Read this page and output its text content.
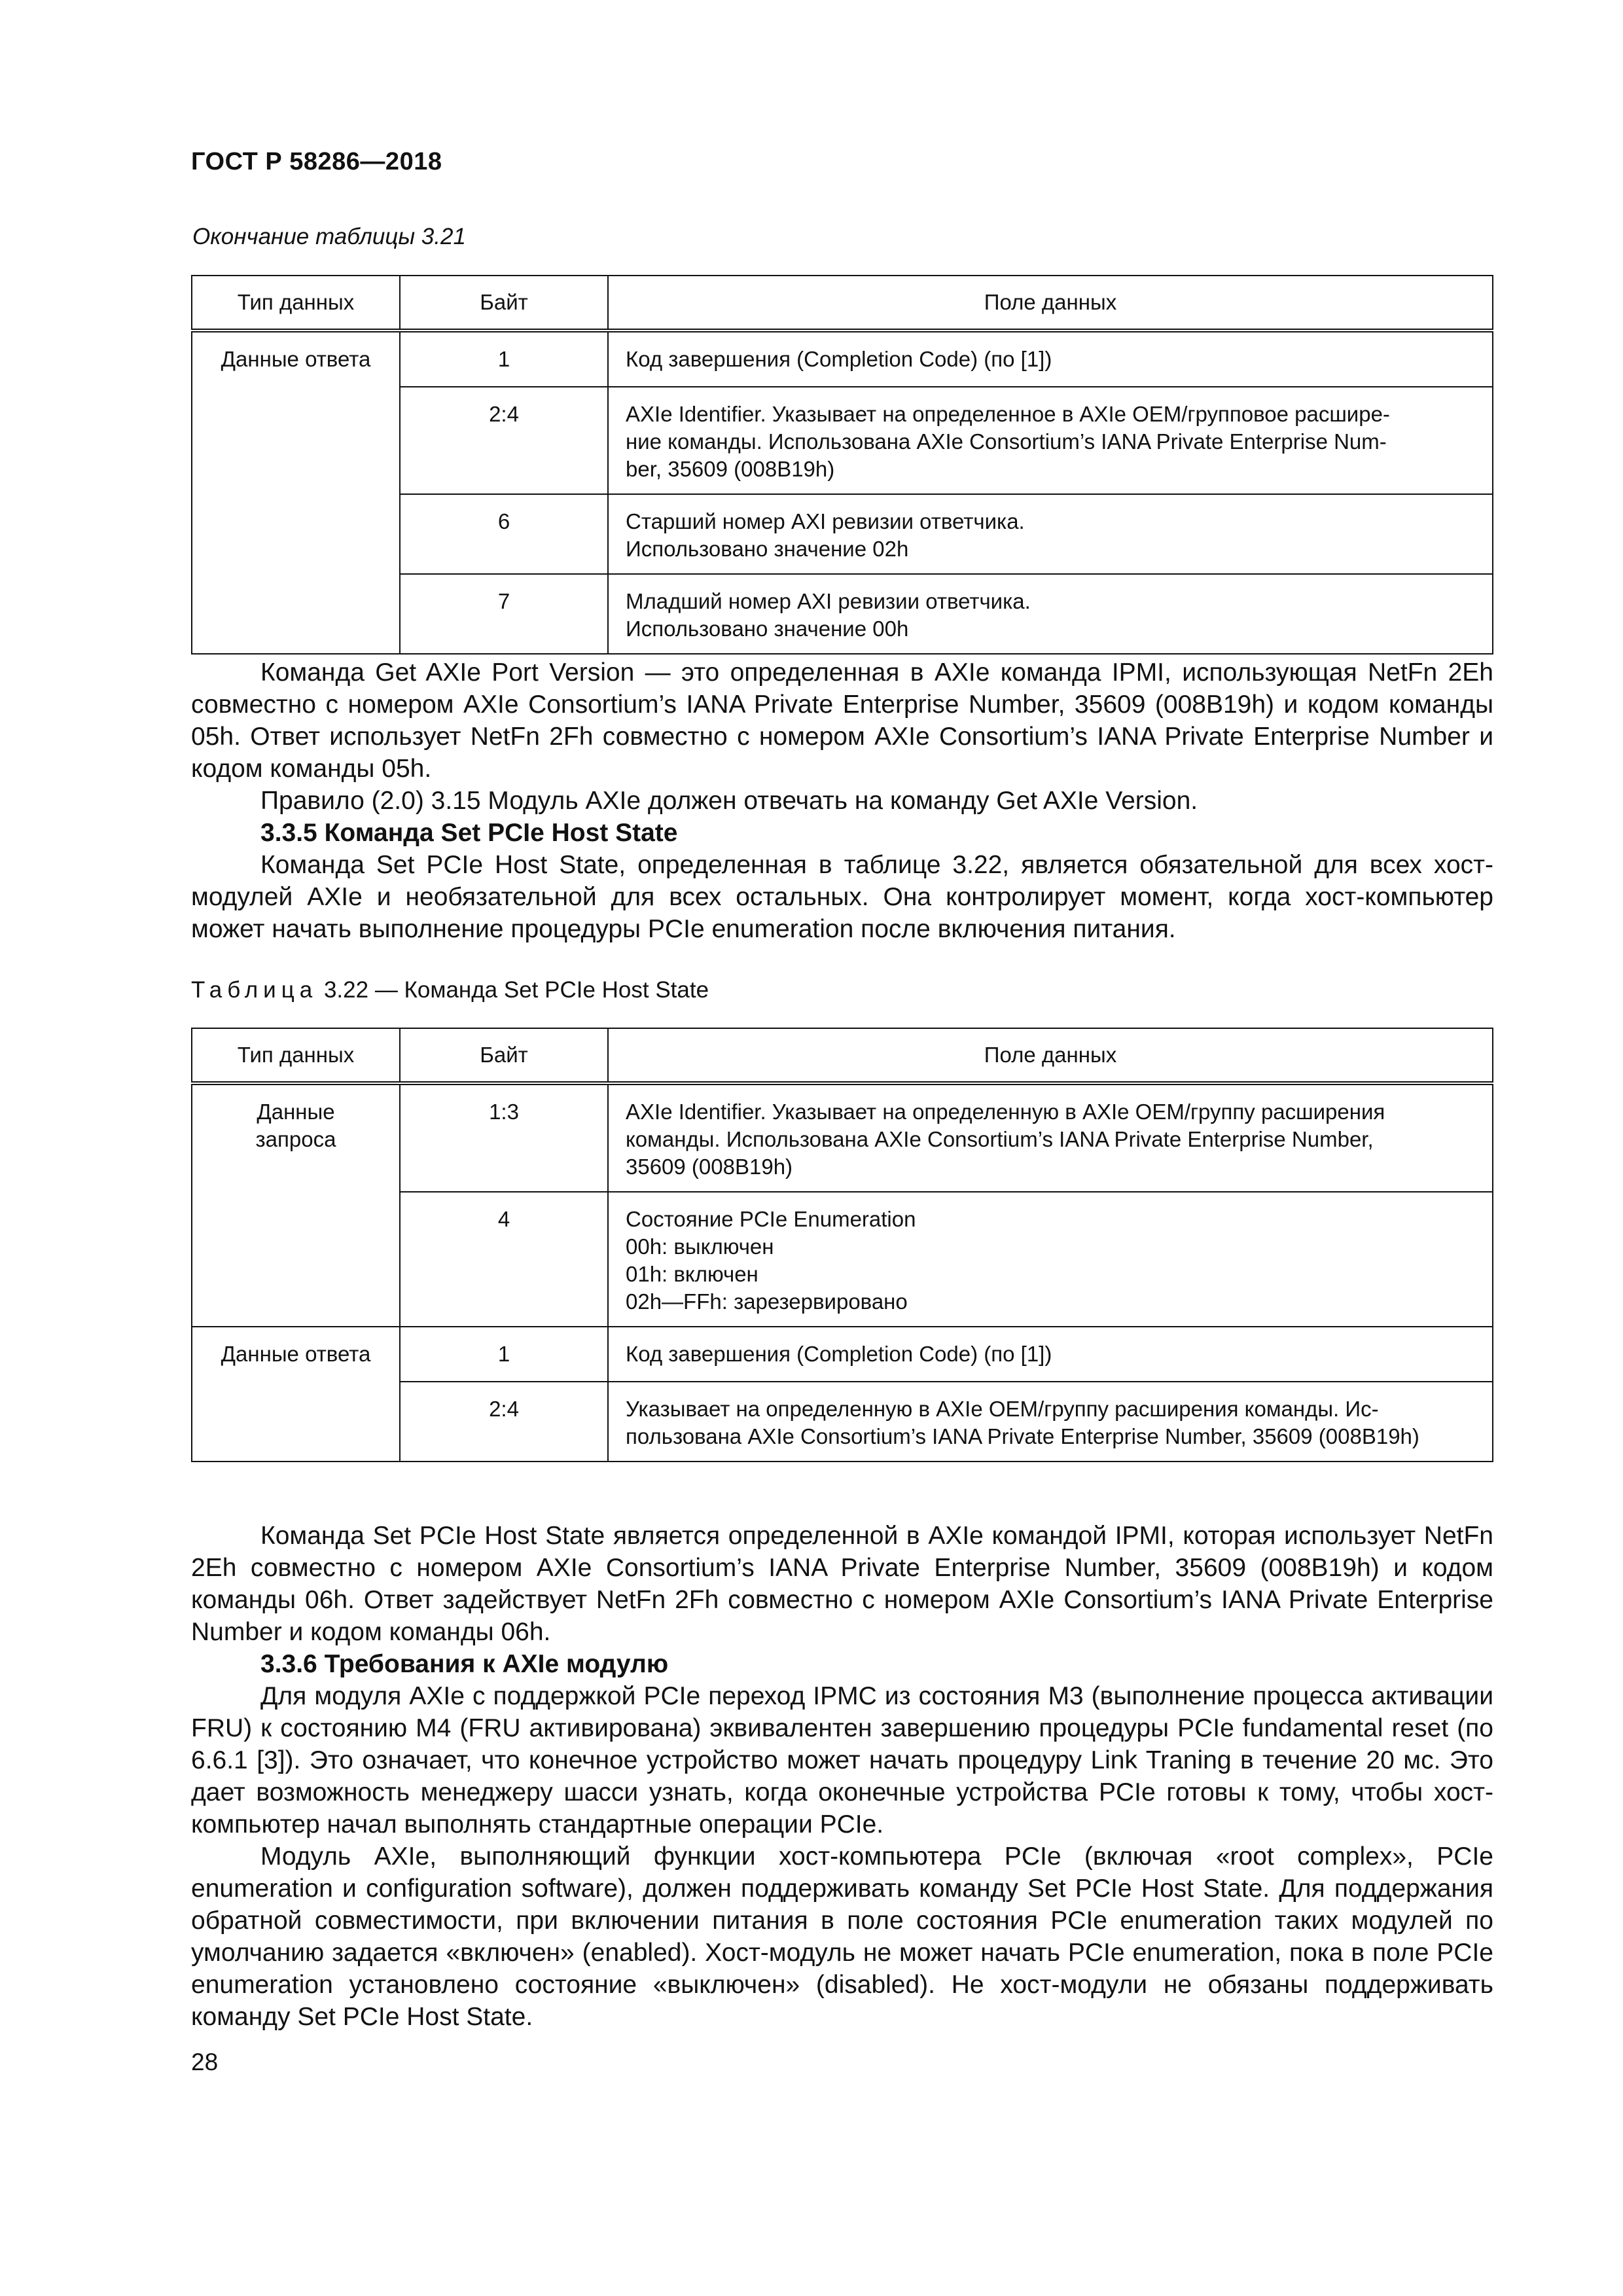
ГОСТ Р 58286—2018
Окончание таблицы 3.21
Тип данных	Байт	Поле данных
Данные ответа	1	Код завершения (Completion Code) (по [1])

	2:4	AXIe Identifier. Указывает на определенное в AXIe OEM/групповое расшире-
ние команды. Использована AXIe Consortium’s IANA Private Enterprise Num-
ber, 35609 (008B19h)

	6	Старший номер AXI ревизии ответчика.
Использовано значение 02h

	7	Младший номер AXI ревизии ответчика.
Использовано значение 00h

Команда Get AXIe Port Version — это определенная в AXIe команда IPMI, использующая NetFn 2Eh совместно с номером AXIe Consortium’s IANA Private Enterprise Number, 35609 (008B19h) и кодом команды 05h. Ответ использует NetFn 2Fh совместно с номером AXIe Consortium’s IANA Private Enterprise Number и кодом команды 05h.

Правило (2.0) 3.15 Модуль AXIe должен отвечать на команду Get AXIe Version.

3.3.5 Команда Set PCIe Host State

Команда Set PCIe Host State, определенная в таблице 3.22, является обязательной для всех хост-модулей AXIe и необязательной для всех остальных. Она контролирует момент, когда хост-компьютер может начать выполнение процедуры PCIe enumeration после включения питания.

Таблица 3.22 — Команда Set PCIe Host State
Тип данных	Байт	Поле данных

Данные
запроса	1:3	AXIe Identifier. Указывает на определенную в AXIe OEM/группу расширения
команды. Использована AXIe Consortium’s IANA Private Enterprise Number,
35609 (008B19h)

	4	Состояние PCIe Enumeration
00h: выключен
01h: включен
02h—FFh: зарезервировано

Данные ответа	1	Код завершения (Completion Code) (по [1])

	2:4	Указывает на определенную в AXIe OEM/группу расширения команды. Ис-
пользована AXIe Consortium’s IANA Private Enterprise Number, 35609 (008B19h)

Команда Set PCIe Host State является определенной в AXIe командой IPMI, которая использует NetFn 2Eh совместно с номером AXIe Consortium’s IANA Private Enterprise Number, 35609 (008B19h) и кодом команды 06h. Ответ задействует NetFn 2Fh совместно с номером AXIe Consortium’s IANA Private Enterprise Number и кодом команды 06h.

3.3.6 Требования к AXIe модулю

Для модуля AXIe с поддержкой PCIe переход IPMC из состояния M3 (выполнение процесса активации FRU) к состоянию M4 (FRU активирована) эквивалентен завершению процедуры PCIe fundamental reset (по 6.6.1 [3]). Это означает, что конечное устройство может начать процедуру Link Traning в течение 20 мс. Это дает возможность менеджеру шасси узнать, когда оконечные устройства PCIe готовы к тому, чтобы хост-компьютер начал выполнять стандартные операции PCIe.

Модуль AXIe, выполняющий функции хост-компьютера PCIe (включая «root complex», PCIe enumeration и configuration software), должен поддерживать команду Set PCIe Host State. Для поддержания обратной совместимости, при включении питания в поле состояния PCIe enumeration таких модулей по умолчанию задается «включен» (enabled). Хост-модуль не может начать PCIe enumeration, пока в поле PCIe enumeration установлено состояние «выключен» (disabled). Не хост-модули не обязаны поддерживать команду Set PCIe Host State.

28
